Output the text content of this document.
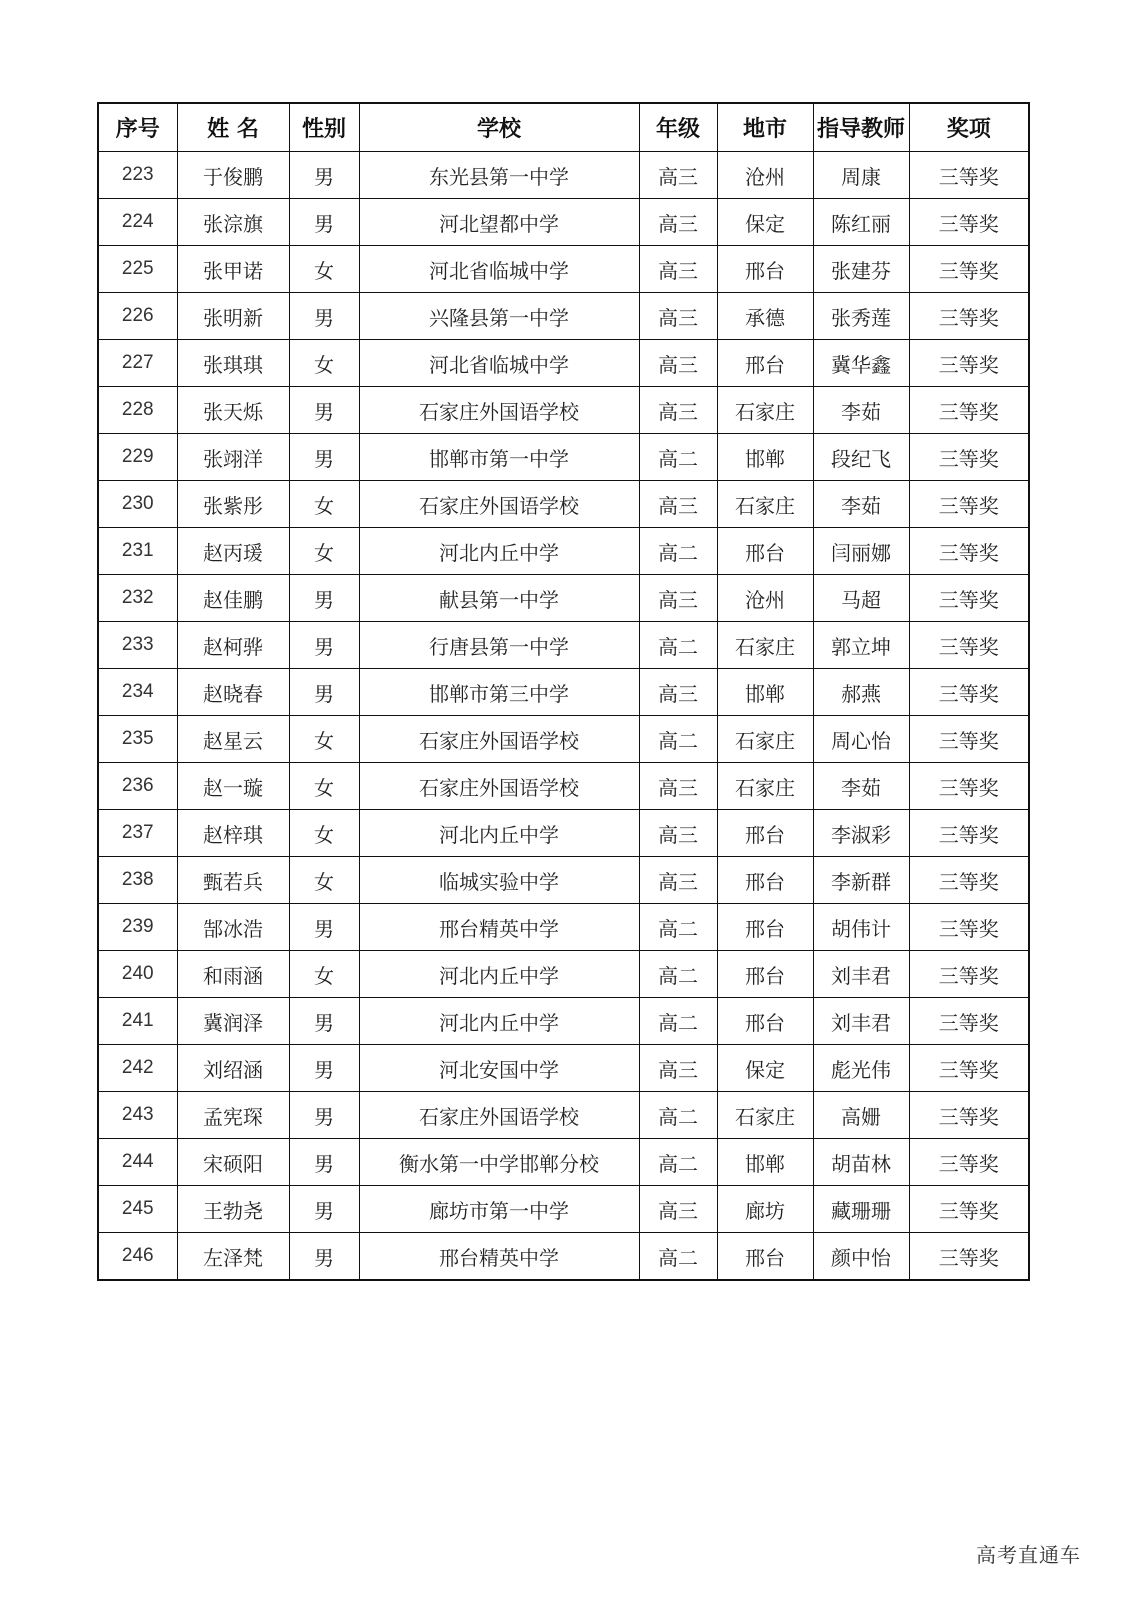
序号	姓 名	性别	学校	年级	地市	指导教师	奖项
223	于俊鹏	男	东光县第一中学	高三	沧州	周康	三等奖
224	张淙旗	男	河北望都中学	高三	保定	陈红丽	三等奖
225	张甲诺	女	河北省临城中学	高三	邢台	张建芬	三等奖
226	张明新	男	兴隆县第一中学	高三	承德	张秀莲	三等奖
227	张琪琪	女	河北省临城中学	高三	邢台	冀华鑫	三等奖
228	张天烁	男	石家庄外国语学校	高三	石家庄	李茹	三等奖
229	张翊洋	男	邯郸市第一中学	高二	邯郸	段纪飞	三等奖
230	张紫彤	女	石家庄外国语学校	高三	石家庄	李茹	三等奖
231	赵丙瑗	女	河北内丘中学	高二	邢台	闫丽娜	三等奖
232	赵佳鹏	男	献县第一中学	高三	沧州	马超	三等奖
233	赵柯骅	男	行唐县第一中学	高二	石家庄	郭立坤	三等奖
234	赵晓春	男	邯郸市第三中学	高三	邯郸	郝燕	三等奖
235	赵星云	女	石家庄外国语学校	高二	石家庄	周心怡	三等奖
236	赵一璇	女	石家庄外国语学校	高三	石家庄	李茹	三等奖
237	赵梓琪	女	河北内丘中学	高三	邢台	李淑彩	三等奖
238	甄若兵	女	临城实验中学	高三	邢台	李新群	三等奖
239	郜冰浩	男	邢台精英中学	高二	邢台	胡伟计	三等奖
240	和雨涵	女	河北内丘中学	高二	邢台	刘丰君	三等奖
241	冀润泽	男	河北内丘中学	高二	邢台	刘丰君	三等奖
242	刘绍涵	男	河北安国中学	高三	保定	彪光伟	三等奖
243	孟宪琛	男	石家庄外国语学校	高二	石家庄	高姗	三等奖
244	宋硕阳	男	衡水第一中学邯郸分校	高二	邯郸	胡苗林	三等奖
245	王勃尧	男	廊坊市第一中学	高三	廊坊	藏珊珊	三等奖
246	左泽梵	男	邢台精英中学	高二	邢台	颜中怡	三等奖
高考直通车
